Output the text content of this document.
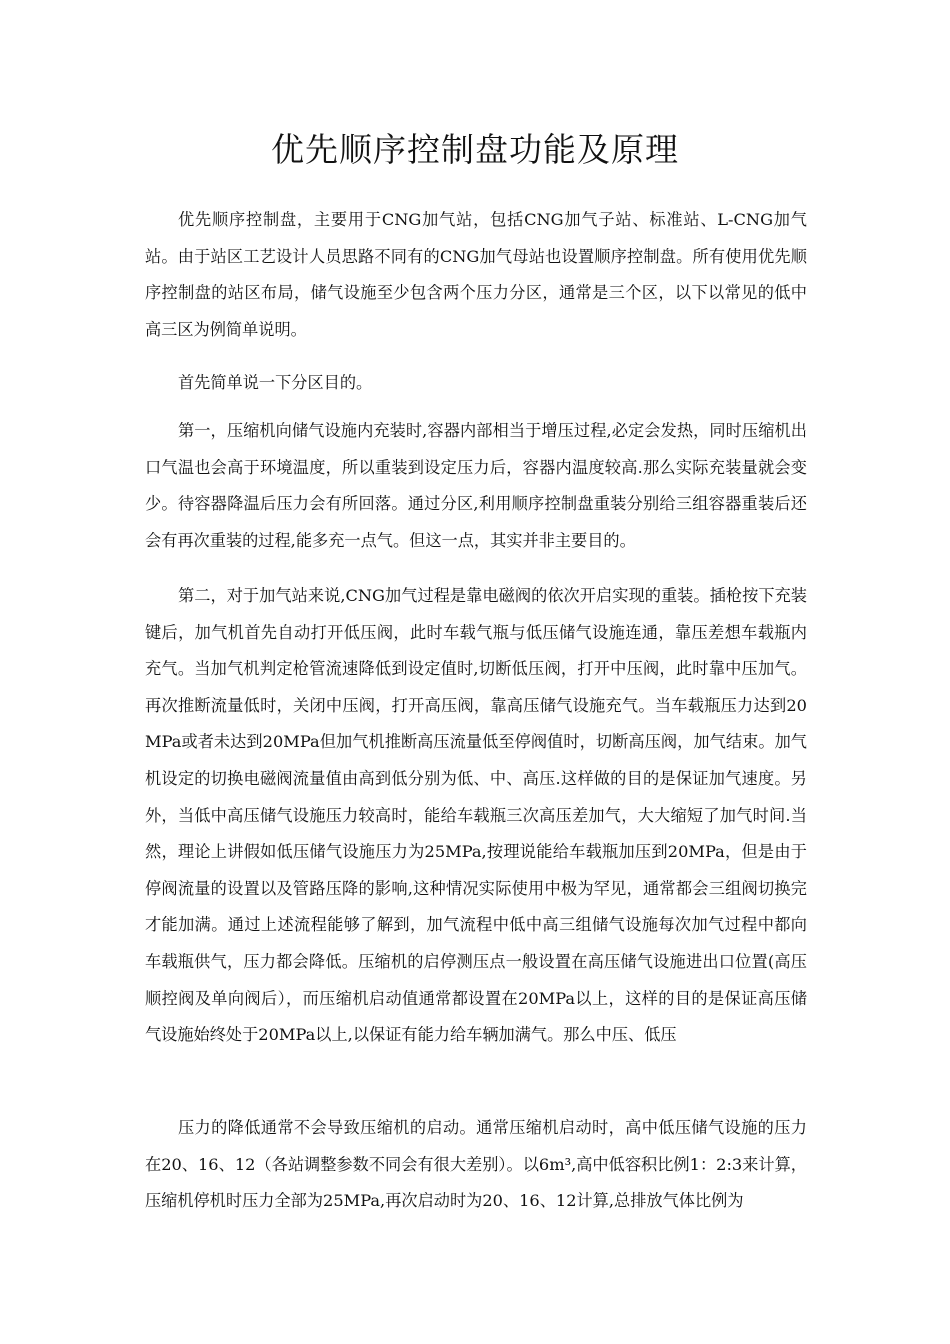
优先顺序控制盘功能及原理

优先顺序控制盘，主要用于CNG加气站，包括CNG加气子站、标准站、L-CNG加气站。由于站区工艺设计人员思路不同有的CNG加气母站也设置顺序控制盘。所有使用优先顺序控制盘的站区布局，储气设施至少包含两个压力分区，通常是三个区，以下以常见的低中高三区为例简单说明。

首先简单说一下分区目的。

第一，压缩机向储气设施内充装时,容器内部相当于增压过程,必定会发热，同时压缩机出口气温也会高于环境温度，所以重装到设定压力后，容器内温度较高.那么实际充装量就会变少。待容器降温后压力会有所回落。通过分区,利用顺序控制盘重装分别给三组容器重装后还会有再次重装的过程,能多充一点气。但这一点，其实并非主要目的。

第二，对于加气站来说,CNG加气过程是靠电磁阀的依次开启实现的重装。插枪按下充装键后，加气机首先自动打开低压阀，此时车载气瓶与低压储气设施连通，靠压差想车载瓶内充气。当加气机判定枪管流速降低到设定值时,切断低压阀，打开中压阀，此时靠中压加气。再次推断流量低时，关闭中压阀，打开高压阀，靠高压储气设施充气。当车载瓶压力达到20MPa或者未达到20MPa但加气机推断高压流量低至停阀值时，切断高压阀，加气结束。加气机设定的切换电磁阀流量值由高到低分别为低、中、高压.这样做的目的是保证加气速度。另外，当低中高压储气设施压力较高时，能给车载瓶三次高压差加气，大大缩短了加气时间.当然，理论上讲假如低压储气设施压力为25MPa,按理说能给车载瓶加压到20MPa，但是由于停阀流量的设置以及管路压降的影响,这种情况实际使用中极为罕见，通常都会三组阀切换完才能加满。通过上述流程能够了解到，加气流程中低中高三组储气设施每次加气过程中都向车载瓶供气，压力都会降低。压缩机的启停测压点一般设置在高压储气设施进出口位置(高压顺控阀及单向阀后），而压缩机启动值通常都设置在20MPa以上，这样的目的是保证高压储气设施始终处于20MPa以上,以保证有能力给车辆加满气。那么中压、低压

压力的降低通常不会导致压缩机的启动。通常压缩机启动时，高中低压储气设施的压力在20、16、12（各站调整参数不同会有很大差别）。以6m³,高中低容积比例1：2:3来计算，压缩机停机时压力全部为25MPa,再次启动时为20、16、12计算,总排放气体比例为
